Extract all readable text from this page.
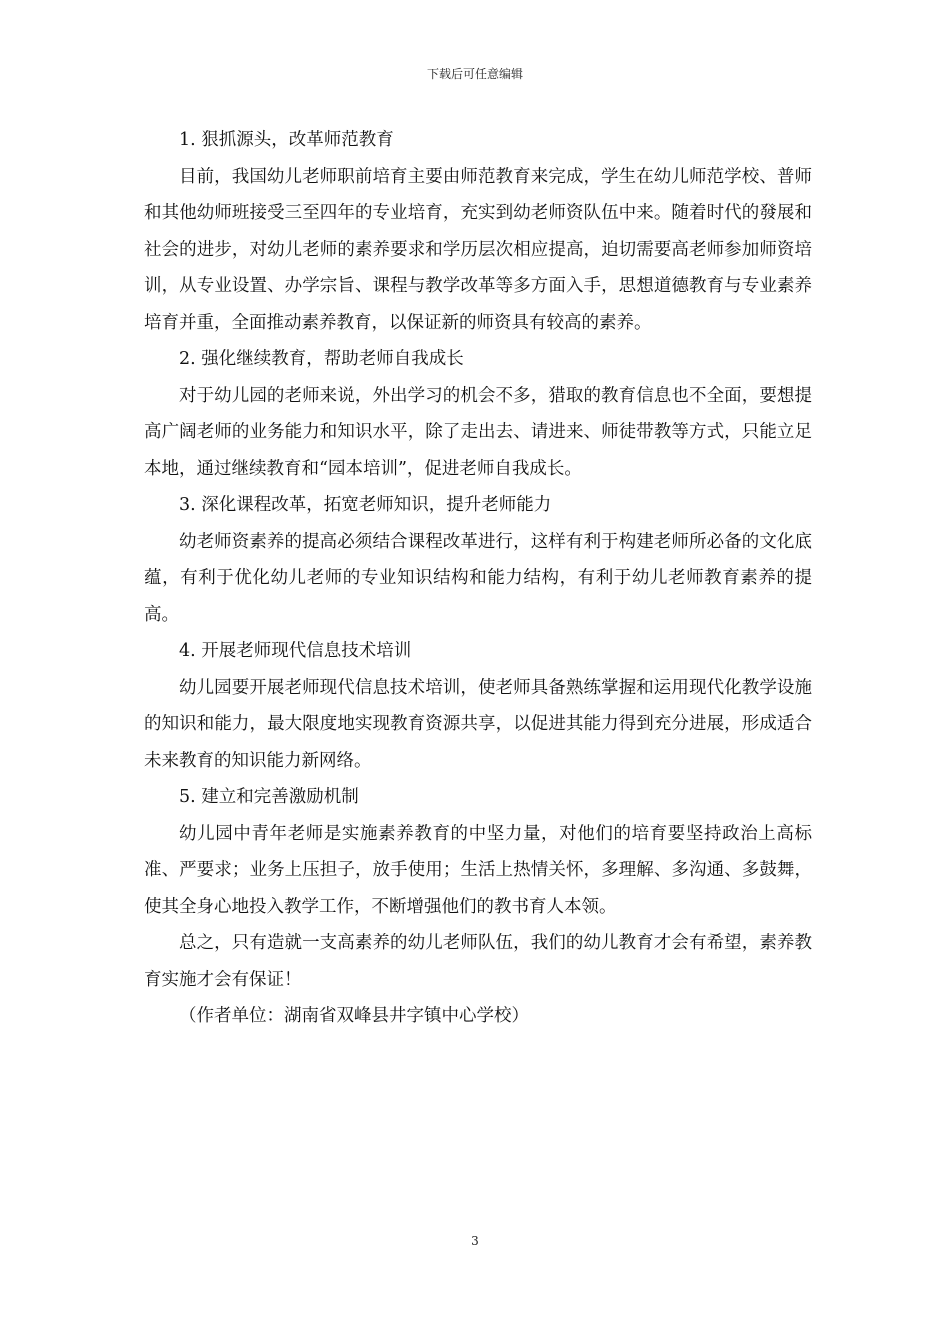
下载后可任意编辑

1. 狠抓源头，改革师范教育

目前，我国幼儿老师职前培育主要由师范教育来完成，学生在幼儿师范学校、普师和其他幼师班接受三至四年的专业培育，充实到幼老师资队伍中来。随着时代的發展和社会的进步，对幼儿老师的素养要求和学历层次相应提高，迫切需要高老师参加师资培训，从专业设置、办学宗旨、课程与教学改革等多方面入手，思想道德教育与专业素养培育并重，全面推动素养教育，以保证新的师资具有较高的素养。

2. 强化继续教育，帮助老师自我成长

对于幼儿园的老师来说，外出学习的机会不多，猎取的教育信息也不全面，要想提高广阔老师的业务能力和知识水平，除了走出去、请进来、师徒带教等方式，只能立足本地，通过继续教育和“园本培训”，促进老师自我成长。

3. 深化课程改革，拓宽老师知识，提升老师能力

幼老师资素养的提高必须结合课程改革进行，这样有利于构建老师所必备的文化底蕴，有利于优化幼儿老师的专业知识结构和能力结构，有利于幼儿老师教育素养的提高。

4. 开展老师现代信息技术培训

幼儿园要开展老师现代信息技术培训，使老师具备熟练掌握和运用现代化教学设施的知识和能力，最大限度地实现教育资源共享，以促进其能力得到充分进展，形成适合未来教育的知识能力新网络。

5. 建立和完善激励机制

幼儿园中青年老师是实施素养教育的中坚力量，对他们的培育要坚持政治上高标准、严要求；业务上压担子，放手使用；生活上热情关怀，多理解、多沟通、多鼓舞，使其全身心地投入教学工作，不断增强他们的教书育人本领。

总之，只有造就一支高素养的幼儿老师队伍，我们的幼儿教育才会有希望，素养教育实施才会有保证！

（作者单位：湖南省双峰县井字镇中心学校）

3
